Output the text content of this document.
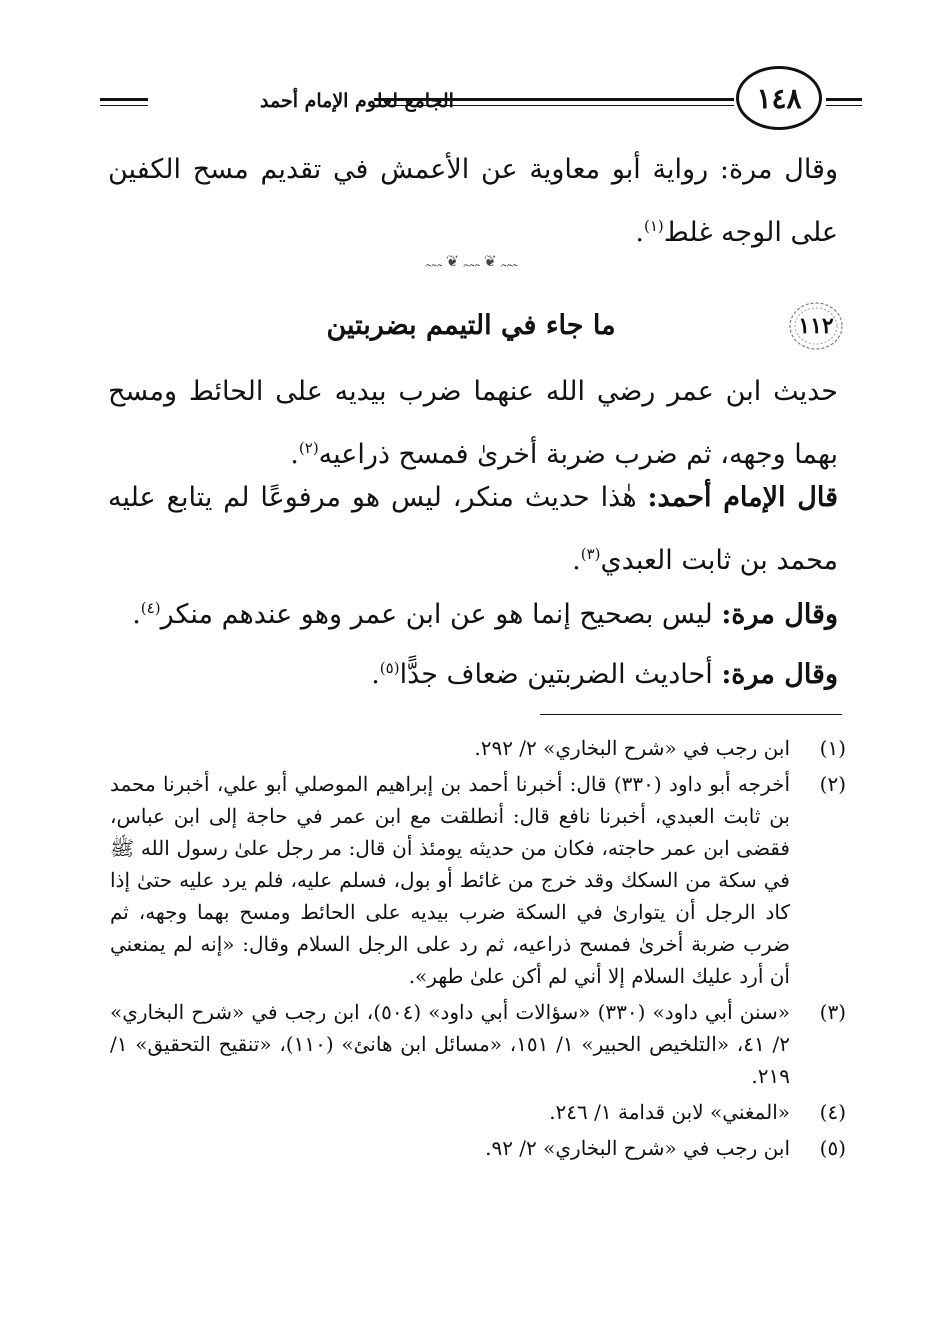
الجامع لعلوم الإمام أحمد	١٤٨
وقال مرة: رواية أبو معاوية عن الأعمش في تقديم مسح الكفين على الوجه غلط$^{(١)}$.
ﮧﮧﮧ ❦ ﮧﮧﮧ ❦ ﮧﮧﮧ
١١٢
ما جاء في التيمم بضربتين
حديث ابن عمر رضي الله عنهما ضرب بيديه على الحائط ومسح بهما وجهه، ثم ضرب ضربة أخرىٰ فمسح ذراعيه$^{(٢)}$.
قال الإمام أحمد: هٰذا حديث منكر، ليس هو مرفوعًا لم يتابع عليه محمد بن ثابت العبدي$^{(٣)}$.
وقال مرة: ليس بصحيح إنما هو عن ابن عمر وهو عندهم منكر$^{(٤)}$.
وقال مرة: أحاديث الضربتين ضعاف جدًّا$^{(٥)}$.
(١)
ابن رجب في «شرح البخاري» ٢/ ٢٩٢.
(٢)
أخرجه أبو داود (٣٣٠) قال: أخبرنا أحمد بن إبراهيم الموصلي أبو علي، أخبرنا محمد بن ثابت العبدي، أخبرنا نافع قال: أنطلقت مع ابن عمر في حاجة إلى ابن عباس، فقضى ابن عمر حاجته، فكان من حديثه يومئذ أن قال: مر رجل علىٰ رسول الله ﷺ في سكة من السكك وقد خرج من غائط أو بول، فسلم عليه، فلم يرد عليه حتىٰ إذا كاد الرجل أن يتوارىٰ في السكة ضرب بيديه على الحائط ومسح بهما وجهه، ثم ضرب ضربة أخرىٰ فمسح ذراعيه، ثم رد على الرجل السلام وقال: «إنه لم يمنعني أن أرد عليك السلام إلا أني لم أكن علىٰ طهر».
(٣)
«سنن أبي داود» (٣٣٠) «سؤالات أبي داود» (٥٠٤)، ابن رجب في «شرح البخاري» ٢/ ٤١، «التلخيص الحبير» ١/ ١٥١، «مسائل ابن هانئ» (١١٠)، «تنقيح التحقيق» ١/ ٢١٩.
(٤)
«المغني» لابن قدامة ١/ ٢٤٦.
(٥)
ابن رجب في «شرح البخاري» ٢/ ٩٢.
